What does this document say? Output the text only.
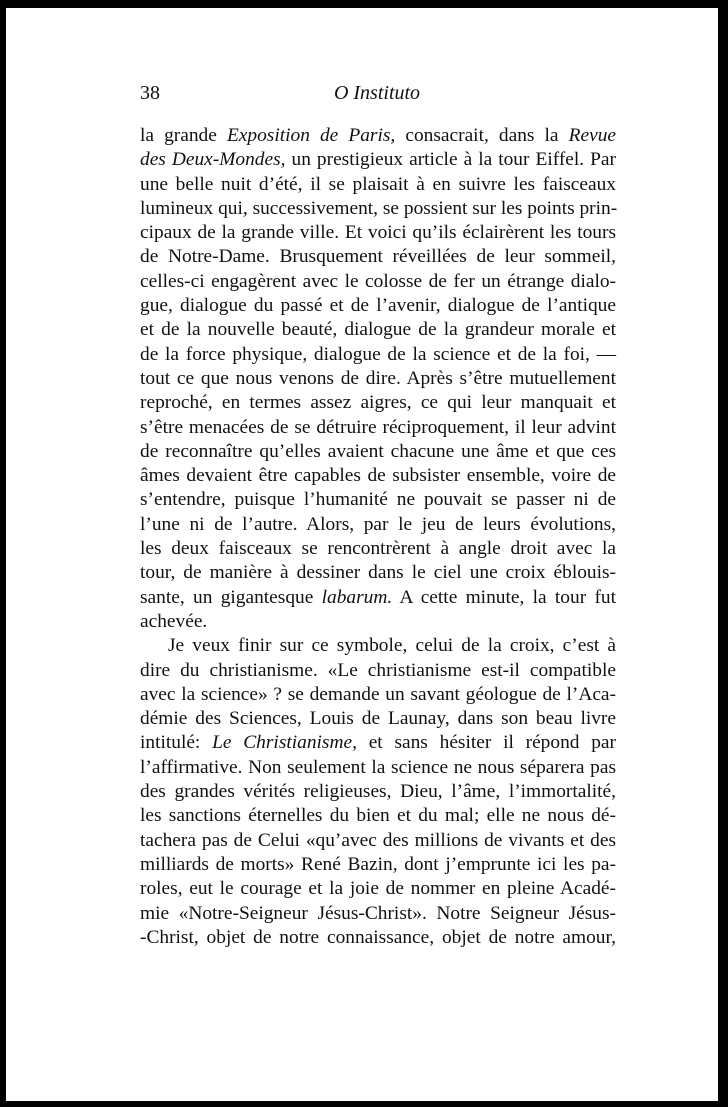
38	O Instituto
la grande Exposition de Paris, consacrait, dans la Revue
des Deux-Mondes, un prestigieux article à la tour Eiffel. Par
une belle nuit d’été, il se plaisait à en suivre les faisceaux
lumineux qui, successivement, se possient sur les points prin-
cipaux de la grande ville. Et voici qu’ils éclairèrent les tours
de Notre-Dame. Brusquement réveillées de leur sommeil,
celles-ci engagèrent avec le colosse de fer un étrange dialo-
gue, dialogue du passé et de l’avenir, dialogue de l’antique
et de la nouvelle beauté, dialogue de la grandeur morale et
de la force physique, dialogue de la science et de la foi, —
tout ce que nous venons de dire. Après s’être mutuellement
reproché, en termes assez aigres, ce qui leur manquait et
s’être menacées de se détruire réciproquement, il leur advint
de reconnaître qu’elles avaient chacune une âme et que ces
âmes devaient être capables de subsister ensemble, voire de
s’entendre, puisque l’humanité ne pouvait se passer ni de
l’une ni de l’autre. Alors, par le jeu de leurs évolutions,
les deux faisceaux se rencontrèrent à angle droit avec la
tour, de manière à dessiner dans le ciel une croix éblouis-
sante, un gigantesque labarum. A cette minute, la tour fut
achevée.
Je veux finir sur ce symbole, celui de la croix, c’est à
dire du christianisme. «Le christianisme est-il compatible
avec la science» ? se demande un savant géologue de l’Aca-
démie des Sciences, Louis de Launay, dans son beau livre
intitulé: Le Christianisme, et sans hésiter il répond par
l’affirmative. Non seulement la science ne nous séparera pas
des grandes vérités religieuses, Dieu, l’âme, l’immortalité,
les sanctions éternelles du bien et du mal; elle ne nous dé-
tachera pas de Celui «qu’avec des millions de vivants et des
milliards de morts» René Bazin, dont j’emprunte ici les pa-
roles, eut le courage et la joie de nommer en pleine Acadé-
mie «Notre-Seigneur Jésus-Christ». Notre Seigneur Jésus-
-Christ, objet de notre connaissance, objet de notre amour,
